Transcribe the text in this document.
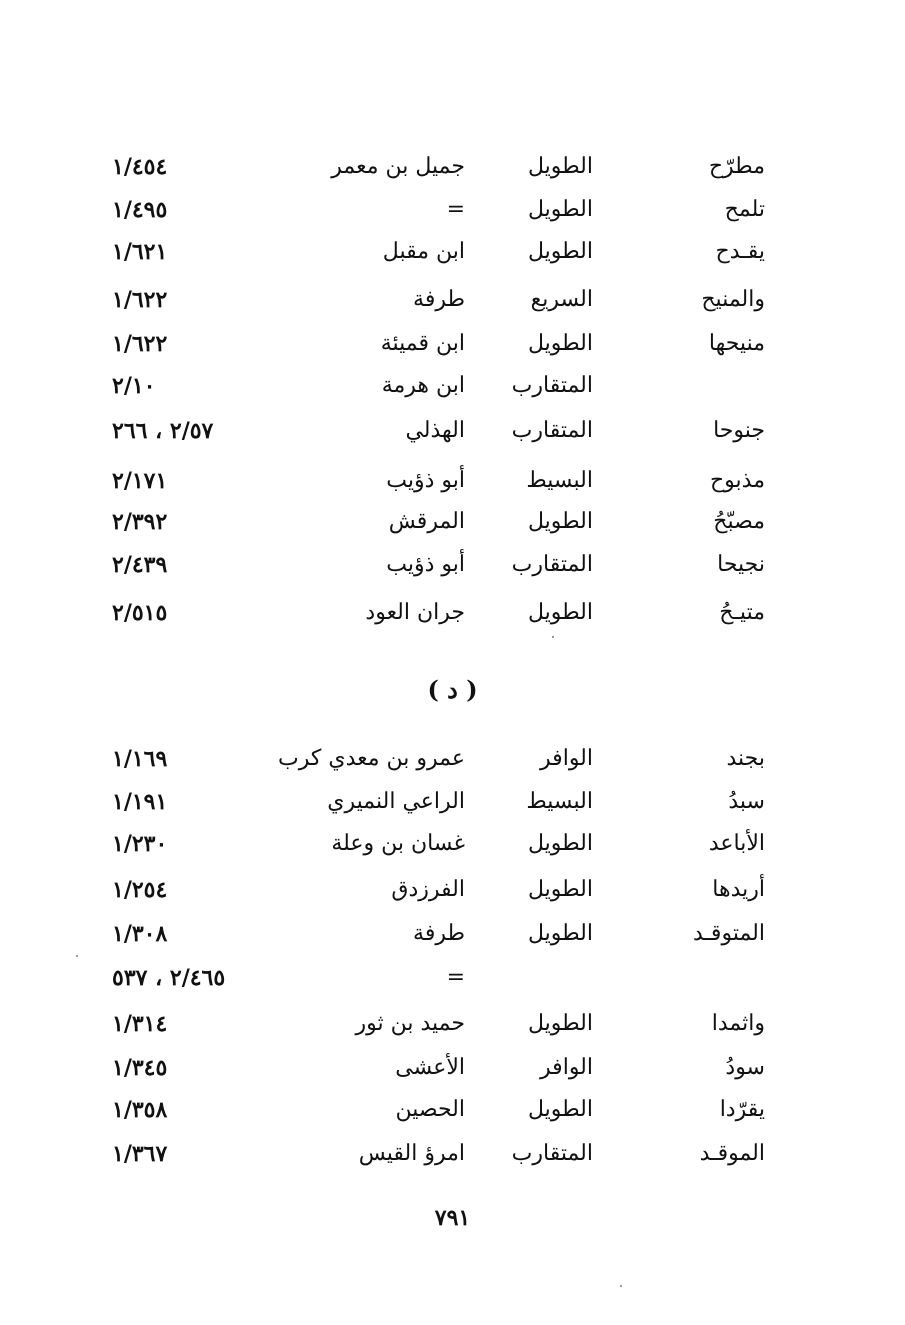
مطرّح
الطويل
جميل بن معمر
١/٤٥٤
تلمح
الطويل
=
١/٤٩٥
يقـدح
الطويل
ابن مقبل
١/٦٢١
والمنيح
السريع
طرفة
١/٦٢٢
منيحها
الطويل
ابن قميئة
١/٦٢٢
المتقارب
ابن هرمة
٢/١٠
جنوحا
المتقارب
الهذلي
٢/٥٧ ، ٢٦٦
مذبوح
البسيط
أبو ذؤيب
٢/١٧١
مصبّحُ
الطويل
المرقش
٢/٣٩٢
نجيحا
المتقارب
أبو ذؤيب
٢/٤٣٩
متيـحُ
الطويل
جران العود
٢/٥١٥
( د )
بجند
الوافر
عمرو بن معدي كرب
١/١٦٩
سبدُ
البسيط
الراعي النميري
١/١٩١
الأباعد
الطويل
غسان بن وعلة
١/٢٣٠
أريدها
الطويل
الفرزدق
١/٢٥٤
المتوقـد
الطويل
طرفة
١/٣٠٨
=
٢/٤٦٥ ، ٥٣٧
واثمدا
الطويل
حميد بن ثور
١/٣١٤
سودُ
الوافر
الأعشى
١/٣٤٥
يقرّدا
الطويل
الحصين
١/٣٥٨
الموقـد
المتقارب
امرؤ القيس
١/٣٦٧
٧٩١
